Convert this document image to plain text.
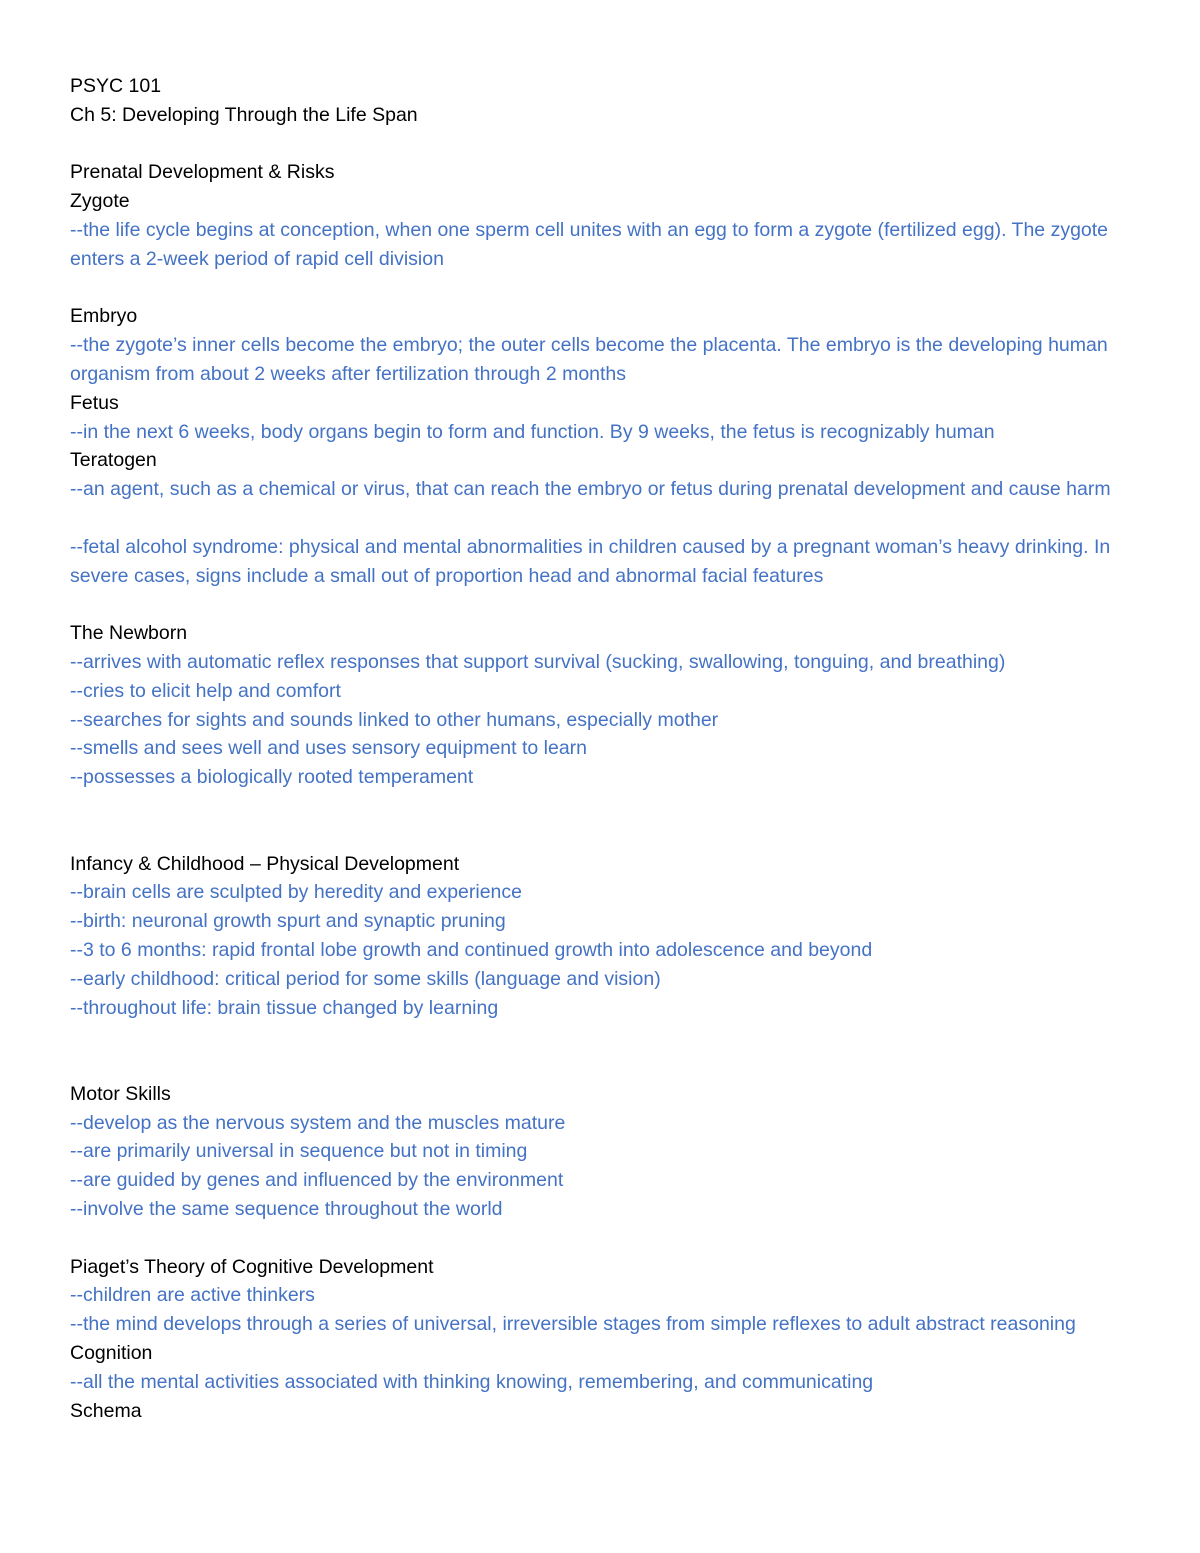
PSYC 101
Ch 5: Developing Through the Life Span
Prenatal Development & Risks
Zygote
--the life cycle begins at conception, when one sperm cell unites with an egg to form a zygote (fertilized egg). The zygote enters a 2-week period of rapid cell division
Embryo
--the zygote’s inner cells become the embryo; the outer cells become the placenta. The embryo is the developing human organism from about 2 weeks after fertilization through 2 months
Fetus
--in the next 6 weeks, body organs begin to form and function. By 9 weeks, the fetus is recognizably human
Teratogen
--an agent, such as a chemical or virus, that can reach the embryo or fetus during prenatal development and cause harm
--fetal alcohol syndrome: physical and mental abnormalities in children caused by a pregnant woman’s heavy drinking. In severe cases, signs include a small out of proportion head and abnormal facial features
The Newborn
--arrives with automatic reflex responses that support survival (sucking, swallowing, tonguing, and breathing)
--cries to elicit help and comfort
--searches for sights and sounds linked to other humans, especially mother
--smells and sees well and uses sensory equipment to learn
--possesses a biologically rooted temperament
Infancy & Childhood – Physical Development
--brain cells are sculpted by heredity and experience
--birth: neuronal growth spurt and synaptic pruning
--3 to 6 months: rapid frontal lobe growth and continued growth into adolescence and beyond
--early childhood: critical period for some skills (language and vision)
--throughout life: brain tissue changed by learning
Motor Skills
--develop as the nervous system and the muscles mature
--are primarily universal in sequence but not in timing
--are guided by genes and influenced by the environment
--involve the same sequence throughout the world
Piaget’s Theory of Cognitive Development
--children are active thinkers
--the mind develops through a series of universal, irreversible stages from simple reflexes to adult abstract reasoning
Cognition
--all the mental activities associated with thinking knowing, remembering, and communicating
Schema
